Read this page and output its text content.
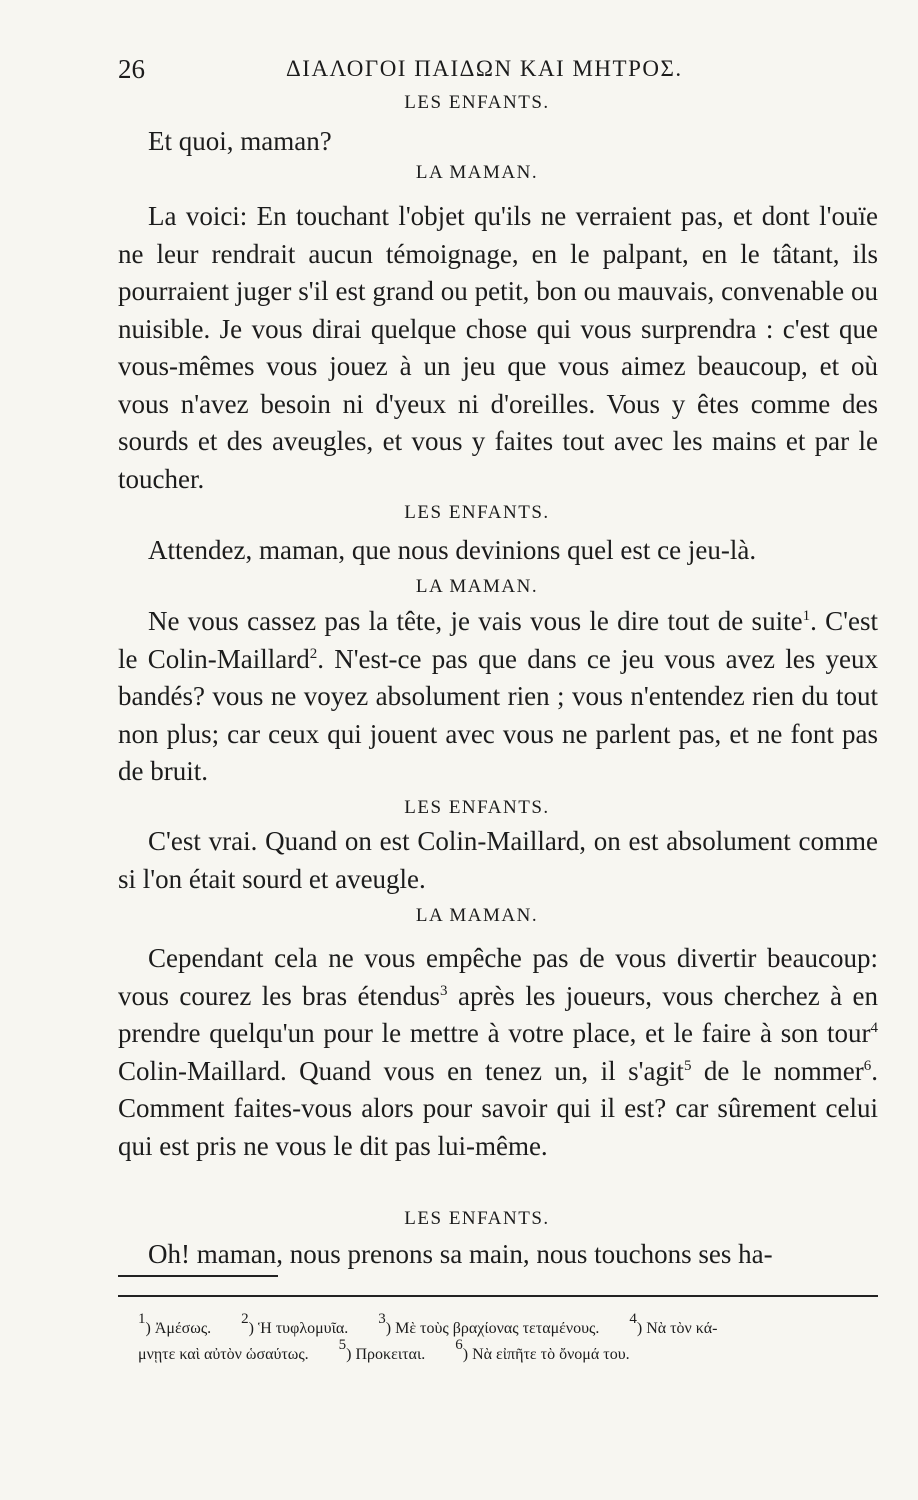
26	ΔΙΑΛΟΓΟΙ ΠΑΙΔΩΝ ΚΑΙ ΜΗΤΡΟΣ.
LES ENFANTS.

Et quoi, maman?

LA MAMAN.

La voici: En touchant l'objet qu'ils ne verraient pas, et dont l'ouïe ne leur rendrait aucun témoignage, en le palpant, en le tâtant, ils pourraient juger s'il est grand ou petit, bon ou mauvais, convenable ou nuisible. Je vous dirai quelque chose qui vous surprendra : c'est que vous-mêmes vous jouez à un jeu que vous aimez beaucoup, et où vous n'avez besoin ni d'yeux ni d'oreilles. Vous y êtes comme des sourds et des aveugles, et vous y faites tout avec les mains et par le toucher.

LES ENFANTS.

Attendez, maman, que nous devinions quel est ce jeu-là.

LA MAMAN.

Ne vous cassez pas la tête, je vais vous le dire tout de suite$^1$. C'est le Colin-Maillard$^2$. N'est-ce pas que dans ce jeu vous avez les yeux bandés? vous ne voyez absolument rien ; vous n'entendez rien du tout non plus; car ceux qui jouent avec vous ne parlent pas, et ne font pas de bruit.

LES ENFANTS.

C'est vrai. Quand on est Colin-Maillard, on est absolument comme si l'on était sourd et aveugle.

LA MAMAN.

Cependant cela ne vous empêche pas de vous divertir beaucoup: vous courez les bras étendus$^3$ après les joueurs, vous cherchez à en prendre quelqu'un pour le mettre à votre place, et le faire à son tour$^4$ Colin-Maillard. Quand vous en tenez un, il s'agit$^5$ de le nommer$^6$. Comment faites-vous alors pour savoir qui il est? car sûrement celui qui est pris ne vous le dit pas lui-même.

LES ENFANTS.

Oh! maman, nous prenons sa main, nous touchons ses ha-

$^1$) Ἀμέσως. $^2$) Ἡ τυφλομυῖα. $^3$) Μὲ τοὺς βραχίονας τεταμένους. $^4$) Νὰ τὸν κά-
μνῃτε καὶ αὐτὸν ὡσαύτως. $^5$) Προκειται. $^6$) Νὰ εἰπῆτε τὸ ὄνομά του.
